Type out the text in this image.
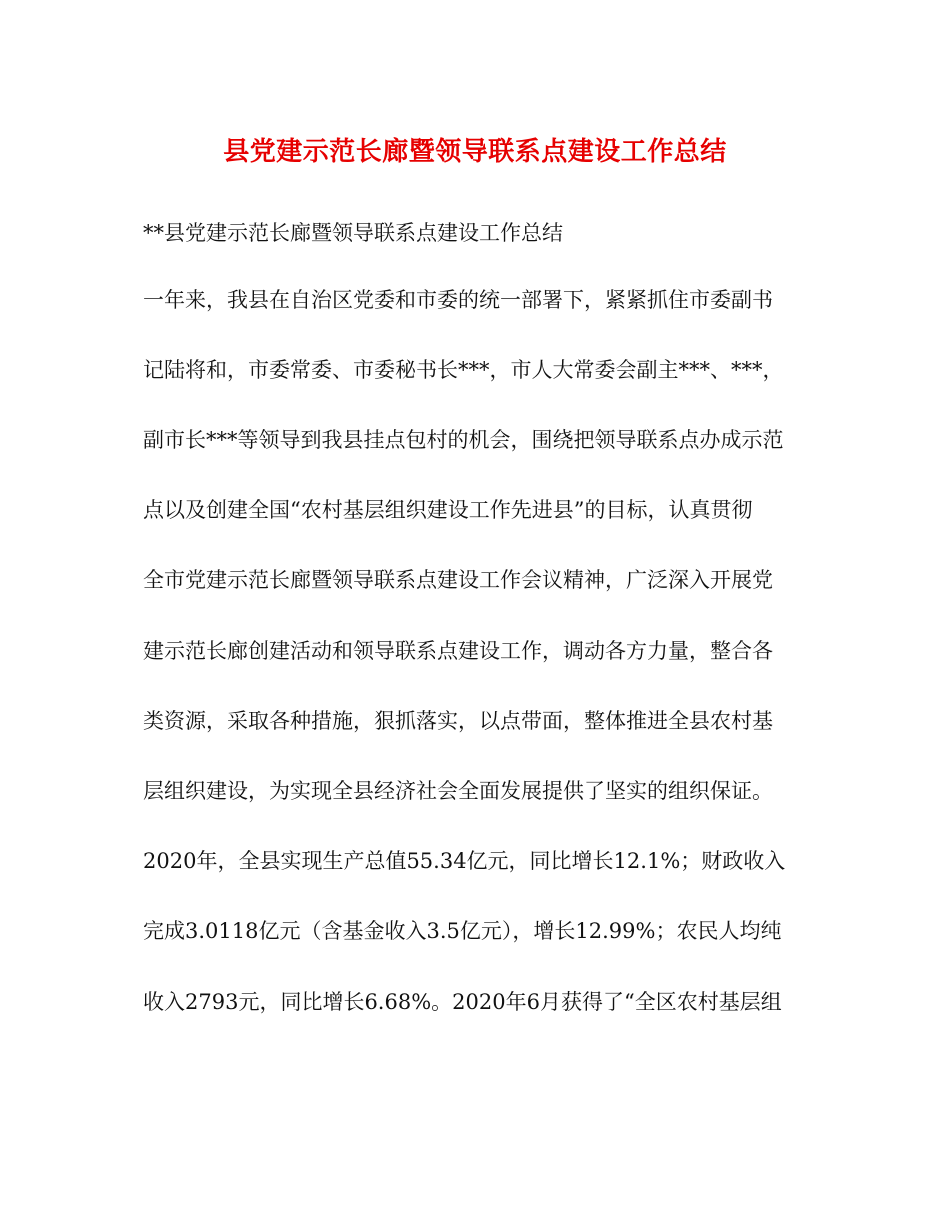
县党建示范长廊暨领导联系点建设工作总结
**县党建示范长廊暨领导联系点建设工作总结
一年来，我县在自治区党委和市委的统一部署下，紧紧抓住市委副书
记陆将和，市委常委、市委秘书长***，市人大常委会副主***、***，
副市长***等领导到我县挂点包村的机会，围绕把领导联系点办成示范
点以及创建全国“农村基层组织建设工作先进县”的目标，认真贯彻
全市党建示范长廊暨领导联系点建设工作会议精神，广泛深入开展党
建示范长廊创建活动和领导联系点建设工作，调动各方力量，整合各
类资源，采取各种措施，狠抓落实，以点带面，整体推进全县农村基
层组织建设，为实现全县经济社会全面发展提供了坚实的组织保证。
2020年，全县实现生产总值55.34亿元，同比增长12.1%；财政收入
完成3.0118亿元（含基金收入3.5亿元），增长12.99%；农民人均纯
收入2793元，同比增长6.68%。2020年6月获得了“全区农村基层组
